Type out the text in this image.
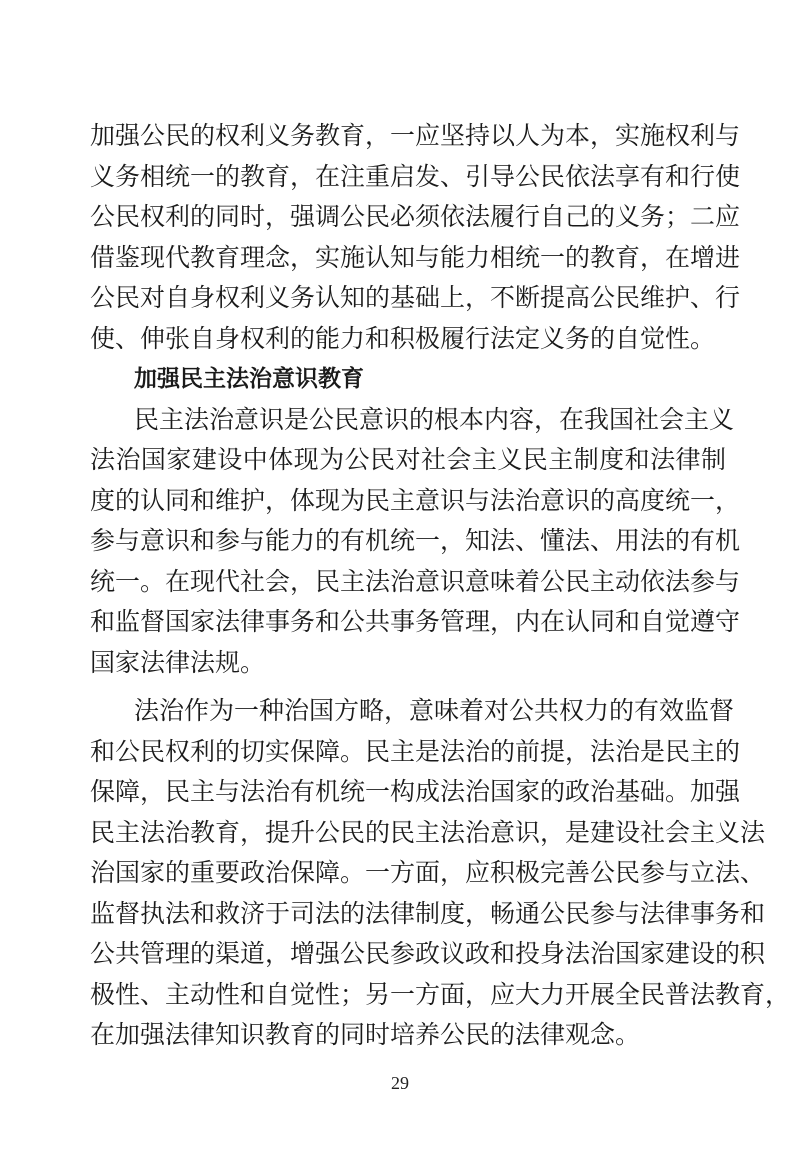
加强公民的权利义务教育，一应坚持以人为本，实施权利与
义务相统一的教育，在注重启发、引导公民依法享有和行使
公民权利的同时，强调公民必须依法履行自己的义务；二应
借鉴现代教育理念，实施认知与能力相统一的教育，在增进
公民对自身权利义务认知的基础上，不断提高公民维护、行
使、伸张自身权利的能力和积极履行法定义务的自觉性。
加强民主法治意识教育
民主法治意识是公民意识的根本内容，在我国社会主义
法治国家建设中体现为公民对社会主义民主制度和法律制
度的认同和维护，体现为民主意识与法治意识的高度统一，
参与意识和参与能力的有机统一，知法、懂法、用法的有机
统一。在现代社会，民主法治意识意味着公民主动依法参与
和监督国家法律事务和公共事务管理，内在认同和自觉遵守
国家法律法规。
法治作为一种治国方略，意味着对公共权力的有效监督
和公民权利的切实保障。民主是法治的前提，法治是民主的
保障，民主与法治有机统一构成法治国家的政治基础。加强
民主法治教育，提升公民的民主法治意识，是建设社会主义法
治国家的重要政治保障。一方面，应积极完善公民参与立法、
监督执法和救济于司法的法律制度，畅通公民参与法律事务和
公共管理的渠道，增强公民参政议政和投身法治国家建设的积
极性、主动性和自觉性；另一方面，应大力开展全民普法教育，
在加强法律知识教育的同时培养公民的法律观念。
29
